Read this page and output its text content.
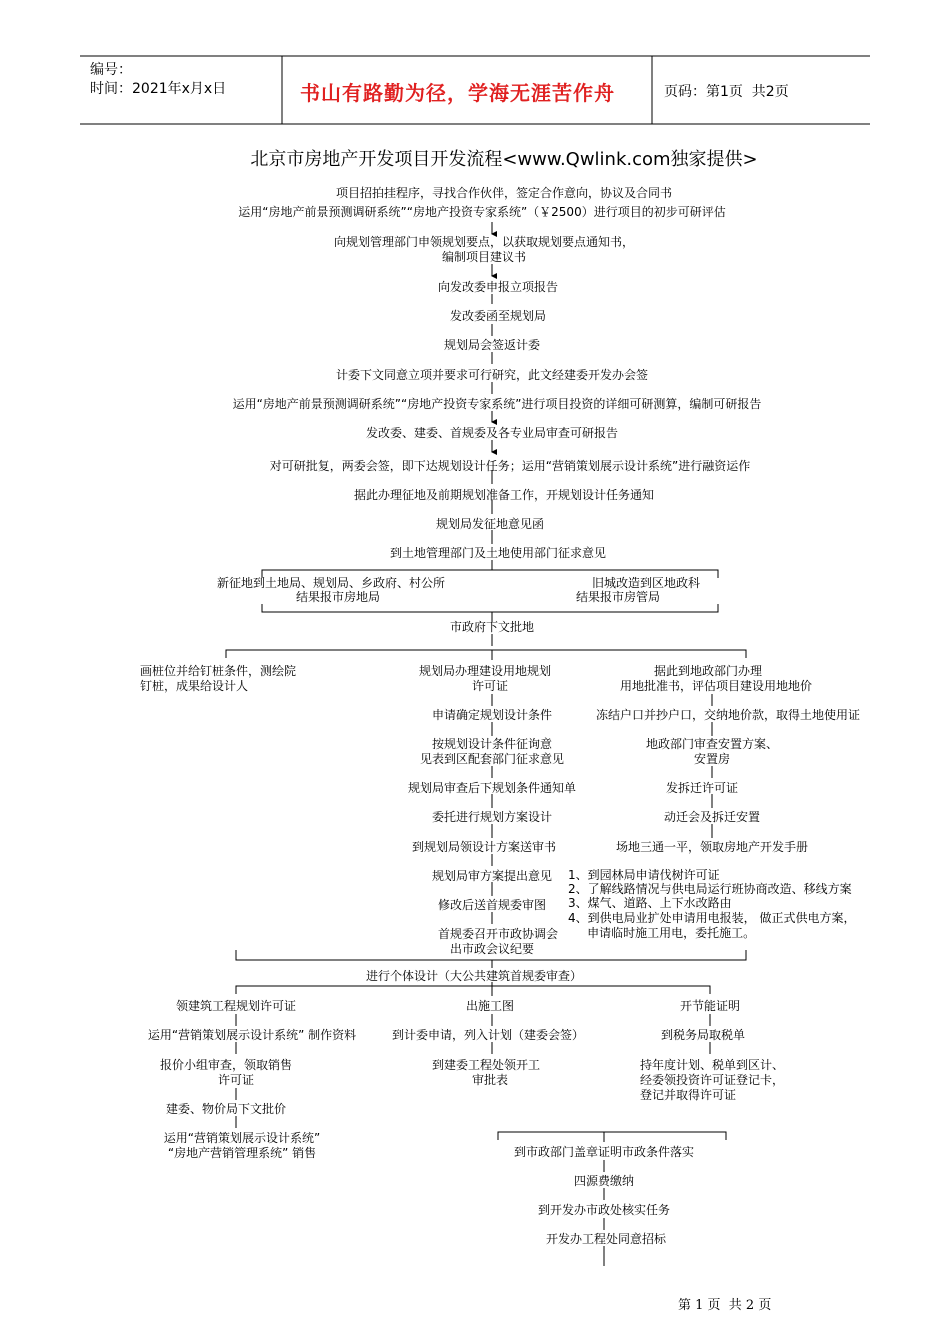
编号：
时间：2021年x月x日	书山有路勤为径，学海无涯苦作舟	页码：第1页  共2页
北京市房地产开发项目开发流程<www.Qwlink.com独家提供>
项目招拍挂程序，寻找合作伙伴，签定合作意向，协议及合同书
运用“房地产前景预测调研系统”“房地产投资专家系统”（￥2500）进行项目的初步可研评估
向规划管理部门申领规划要点，以获取规划要点通知书，
编制项目建议书
向发改委申报立项报告
发改委函至规划局
规划局会签返计委
计委下文同意立项并要求可行研究，此文经建委开发办会签
运用“房地产前景预测调研系统”“房地产投资专家系统”进行项目投资的详细可研测算，编制可研报告
发改委、建委、首规委及各专业局审查可研报告
对可研批复，两委会签，即下达规划设计任务；运用“营销策划展示设计系统”进行融资运作
据此办理征地及前期规划准备工作，开规划设计任务通知
规划局发征地意见函
到土地管理部门及土地使用部门征求意见
新征地到土地局、规划局、乡政府、村公所
结果报市房地局
旧城改造到区地政科
结果报市房管局
市政府下文批地
画桩位并给钉桩条件，测绘院
钉桩，成果给设计人
规划局办理建设用地规划
许可证
申请确定规划设计条件
按规划设计条件征询意
见表到区配套部门征求意见
规划局审查后下规划条件通知单
委托进行规划方案设计
到规划局领设计方案送审书
规划局审方案提出意见
修改后送首规委审图
首规委召开市政协调会
出市政会议纪要
据此到地政部门办理
用地批准书，评估项目建设用地地价
冻结户口并抄户口，交纳地价款，取得土地使用证
地政部门审查安置方案、
安置房
发拆迁许可证
动迁会及拆迁安置
场地三通一平，领取房地产开发手册
1、到园林局申请伐树许可证
2、了解线路情况与供电局运行班协商改造、移线方案
3、煤气、道路、上下水改路由
4、到供电局业扩处申请用电报装， 做正式供电方案，
申请临时施工用电，委托施工。
进行个体设计（大公共建筑首规委审查）
领建筑工程规划许可证
运用“营销策划展示设计系统” 制作资料
报价小组审查，领取销售
许可证
建委、物价局下文批价
运用“营销策划展示设计系统”
“房地产营销管理系统” 销售
出施工图
到计委申请，列入计划（建委会签）
到建委工程处领开工
审批表
开节能证明
到税务局取税单
持年度计划、税单到区计、
经委领投资许可证登记卡，
登记并取得许可证
到市政部门盖章证明市政条件落实
四源费缴纳
到开发办市政处核实任务
开发办工程处同意招标
第 1 页  共 2 页
